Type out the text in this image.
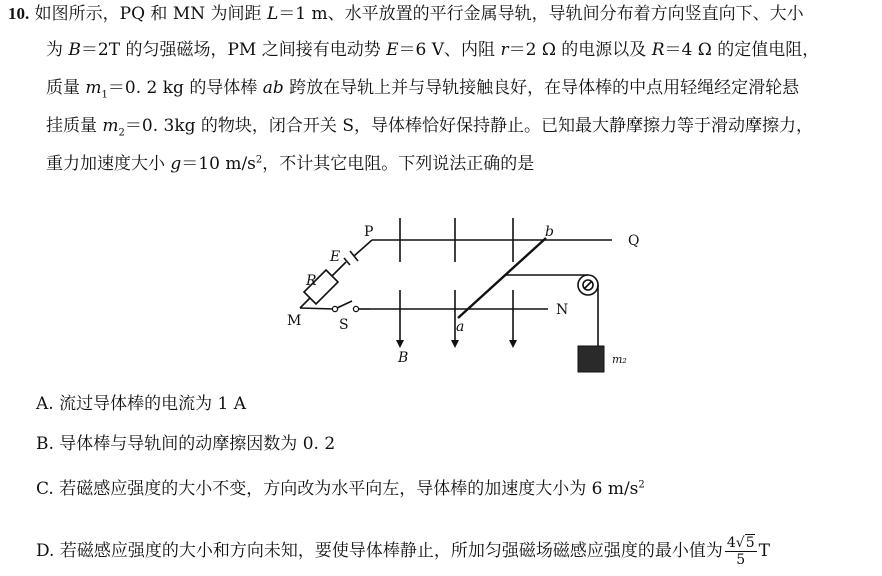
10. 如图所示，PQ 和 MN 为间距 L＝1 m、水平放置的平行金属导轨，导轨间分布着方向竖直向下、大小
为 B＝2T 的匀强磁场，PM 之间接有电动势 E＝6 V、内阻 r＝2 Ω 的电源以及 R＝4 Ω 的定值电阻，
质量 $m_1=0$. 2 kg 的导体棒 ab 跨放在导轨上并与导轨接触良好，在导体棒的中点用轻绳经定滑轮悬
挂质量 $m_2=0$. 3kg 的物块，闭合开关 S，导体棒恰好保持静止。已知最大静摩擦力等于滑动摩擦力，
重力加速度大小 g＝10 $m/s^2$，不计其它电阻。下列说法正确的是
P
Q
M
N
S	a
b
E
R
B	m₂
A. 流过导体棒的电流为 1 A
B. 导体棒与导轨间的动摩擦因数为 0. 2
C. 若磁感应强度的大小不变，方向改为水平向左，导体棒的加速度大小为 6 $m/s^2$
D. 若磁感应强度的大小和方向未知，要使导体棒静止，所加匀强磁场磁感应强度的最小值为 $\frac{4√5}{5}$ T
